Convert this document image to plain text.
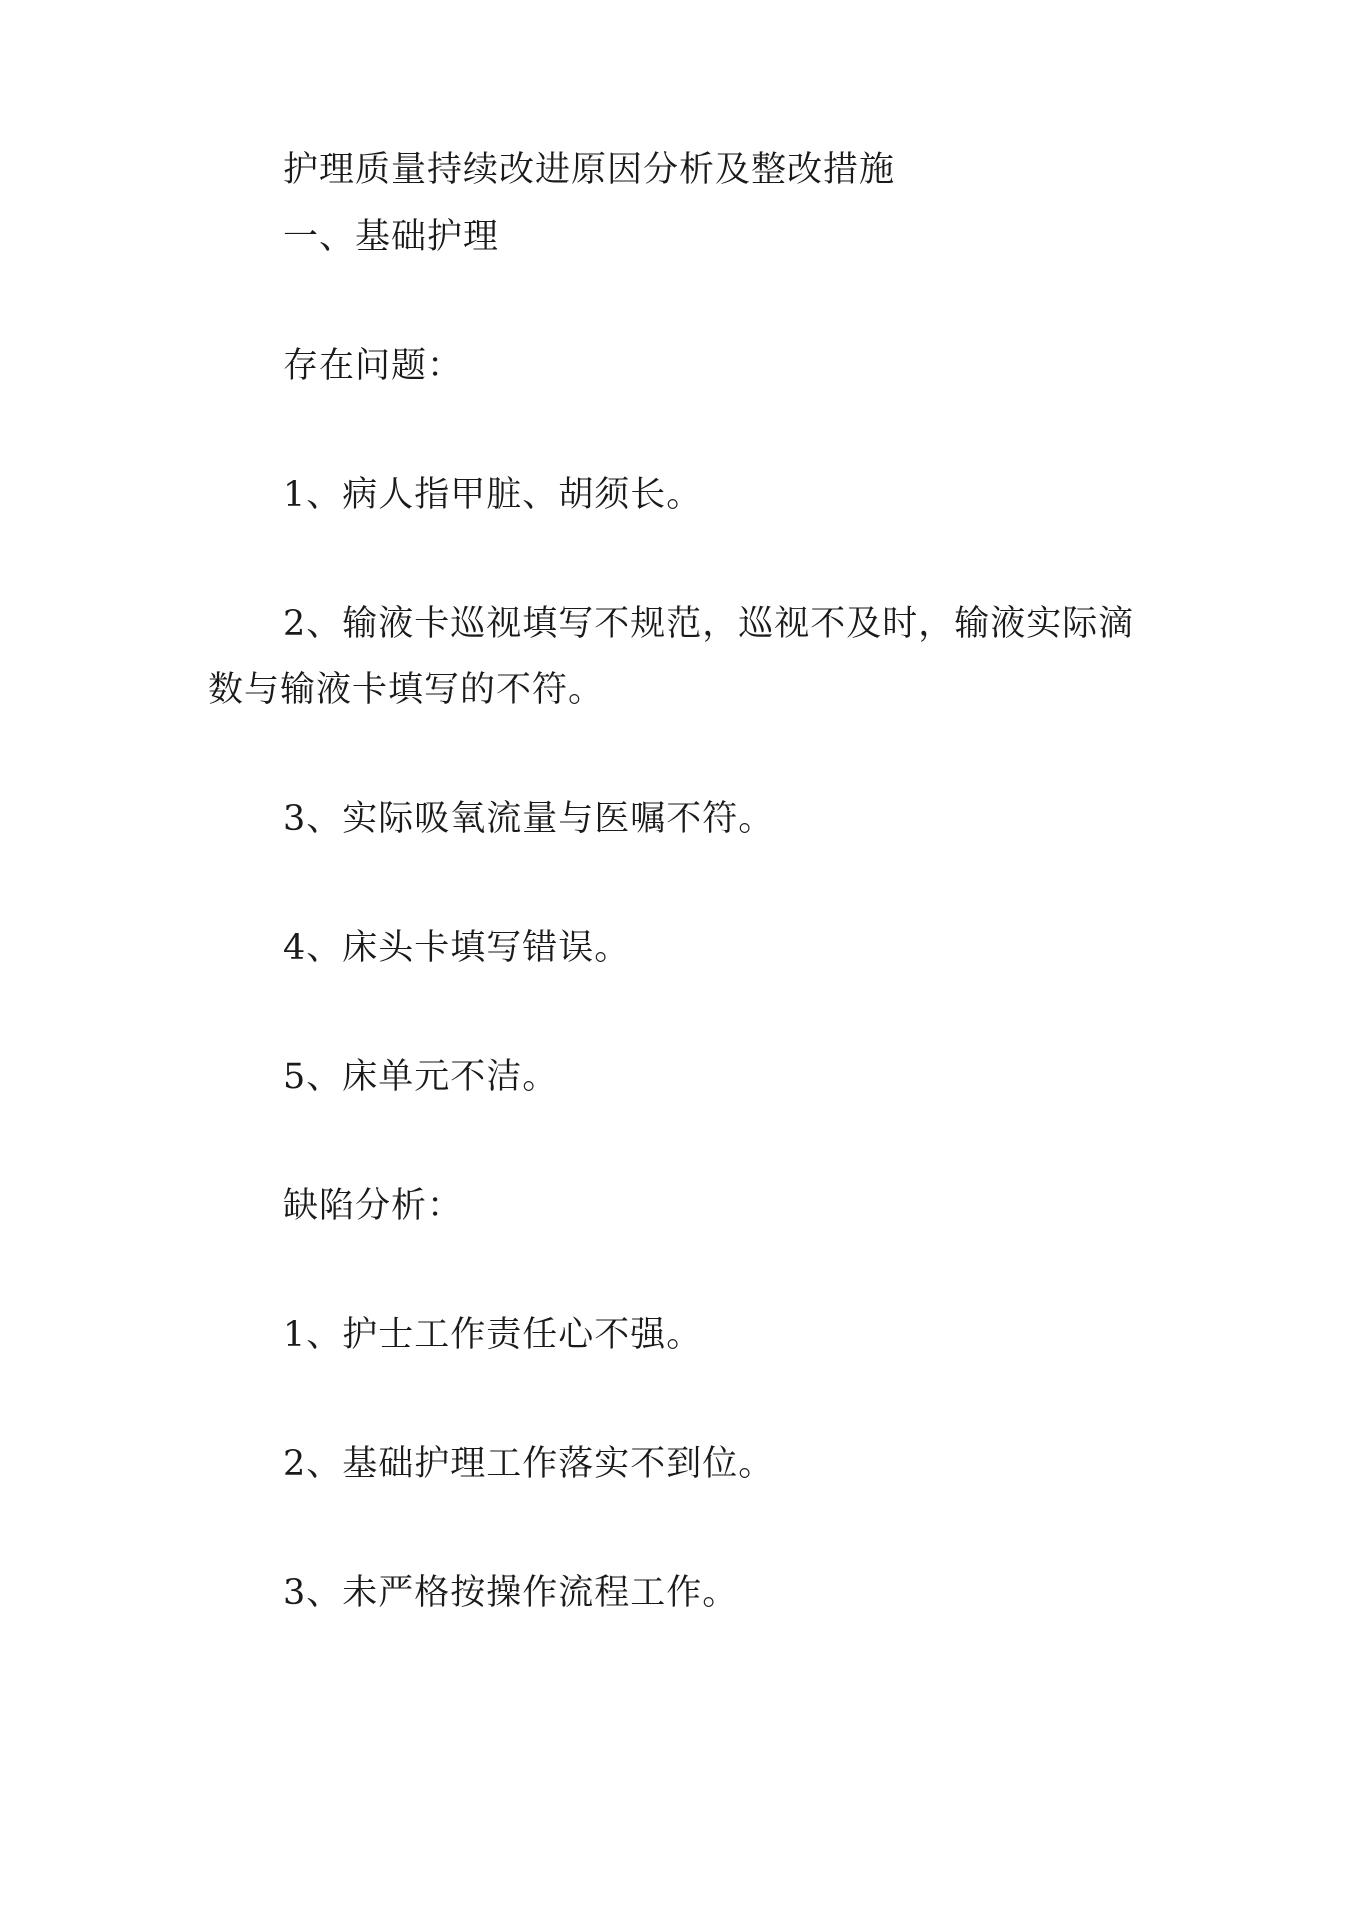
护理质量持续改进原因分析及整改措施
一、基础护理
存在问题：
1、病人指甲脏、胡须长。
2、输液卡巡视填写不规范，巡视不及时，输液实际滴
数与输液卡填写的不符。
3、实际吸氧流量与医嘱不符。
4、床头卡填写错误。
5、床单元不洁。
缺陷分析：
1、护士工作责任心不强。
2、基础护理工作落实不到位。
3、未严格按操作流程工作。
